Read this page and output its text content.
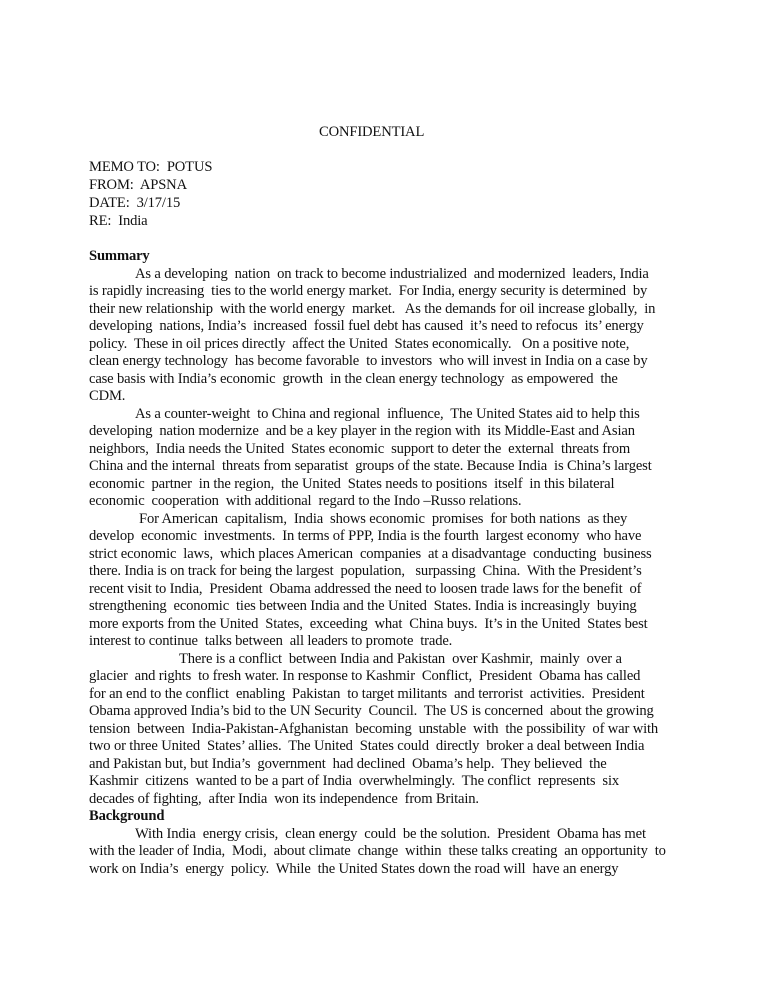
CONFIDENTIAL
MEMO TO:  POTUS
FROM:  APSNA
DATE:  3/17/15
RE:  India
Summary
As a developing  nation  on track to become industrialized  and modernized  leaders, India
is rapidly increasing  ties to the world energy market.  For India, energy security is determined  by
their new relationship  with the world energy  market.   As the demands for oil increase globally,  in
developing  nations, India’s  increased  fossil fuel debt has caused  it’s need to refocus  its’ energy
policy.  These in oil prices directly  affect the United  States economically.   On a positive note,
clean energy technology  has become favorable  to investors  who will invest in India on a case by
case basis with India’s economic  growth  in the clean energy technology  as empowered  the
CDM.
As a counter-weight  to China and regional  influence,  The United States aid to help this
developing  nation modernize  and be a key player in the region with  its Middle-East and Asian
neighbors,  India needs the United  States economic  support to deter the  external  threats from
China and the internal  threats from separatist  groups of the state. Because India  is China’s largest
economic  partner  in the region,  the United  States needs to positions  itself  in this bilateral
economic  cooperation  with additional  regard to the Indo –Russo relations.
For American  capitalism,  India  shows economic  promises  for both nations  as they
develop  economic  investments.  In terms of PPP, India is the fourth  largest economy  who have
strict economic  laws,  which places American  companies  at a disadvantage  conducting  business
there. India is on track for being the largest  population,   surpassing  China.  With the President’s
recent visit to India,  President  Obama addressed the need to loosen trade laws for the benefit  of
strengthening  economic  ties between India and the United  States. India is increasingly  buying
more exports from the United  States,  exceeding  what  China buys.  It’s in the United  States best
interest to continue  talks between  all leaders to promote  trade.
There is a conflict  between India and Pakistan  over Kashmir,  mainly  over a
glacier  and rights  to fresh water. In response to Kashmir  Conflict,  President  Obama has called
for an end to the conflict  enabling  Pakistan  to target militants  and terrorist  activities.  President
Obama approved India’s bid to the UN Security  Council.  The US is concerned  about the growing
tension  between  India-Pakistan-Afghanistan  becoming  unstable  with  the possibility  of war with
two or three United  States’ allies.  The United  States could  directly  broker a deal between India
and Pakistan but, but India’s  government  had declined  Obama’s help.  They believed  the
Kashmir  citizens  wanted to be a part of India  overwhelmingly.  The conflict  represents  six
decades of fighting,  after India  won its independence  from Britain.
Background
With India  energy crisis,  clean energy  could  be the solution.  President  Obama has met
with the leader of India,  Modi,  about climate  change  within  these talks creating  an opportunity  to
work on India’s  energy  policy.  While  the United States down the road will  have an energy
